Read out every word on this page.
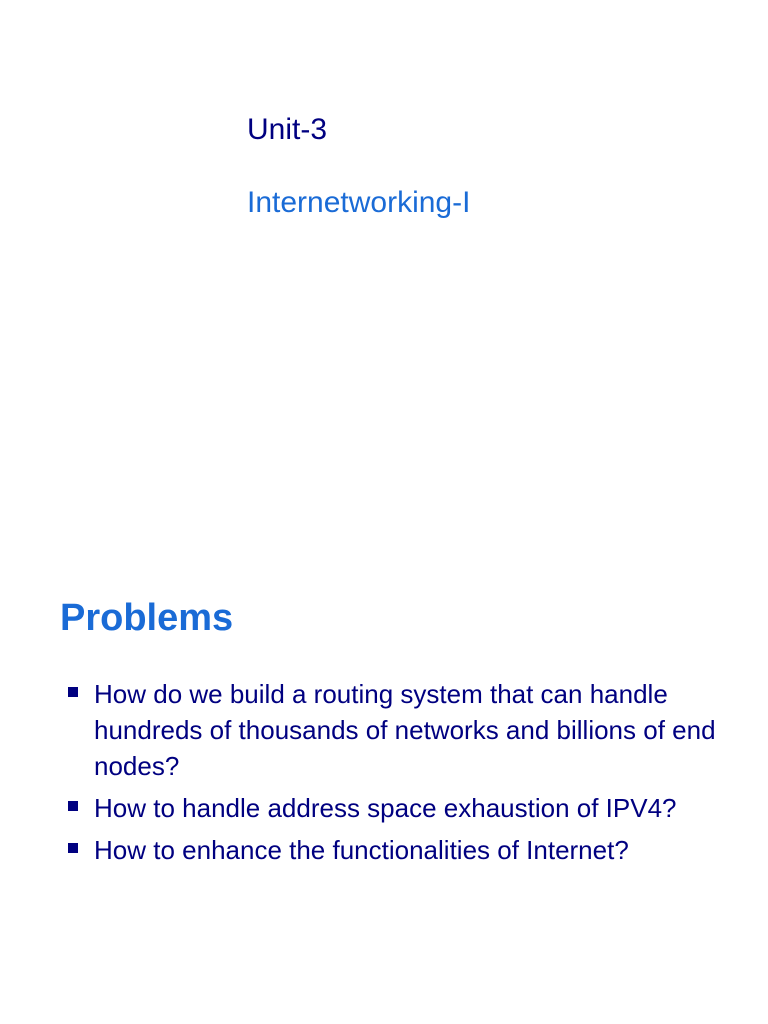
Unit-3
Internetworking-I
Problems
How do we build a routing system that can handle hundreds of thousands of networks and billions of end nodes?
How to handle address space exhaustion of IPV4?
How to enhance the functionalities of Internet?
